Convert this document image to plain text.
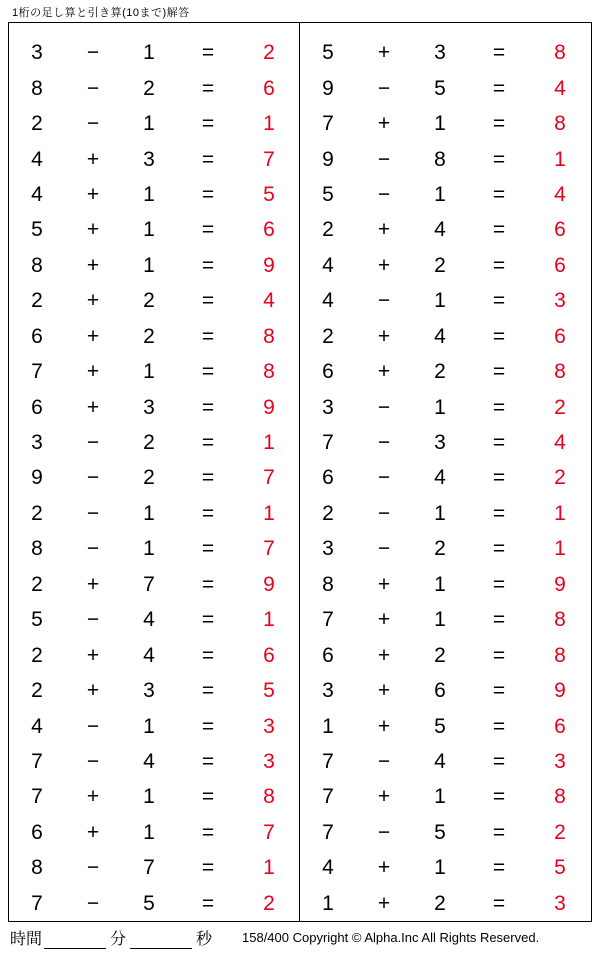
1桁の足し算と引き算(10まで)解答
3	−	1	=	2
8	−	2	=	6
2	−	1	=	1
4	+	3	=	7
4	+	1	=	5
5	+	1	=	6
8	+	1	=	9
2	+	2	=	4
6	+	2	=	8
7	+	1	=	8
6	+	3	=	9
3	−	2	=	1
9	−	2	=	7
2	−	1	=	1
8	−	1	=	7
2	+	7	=	9
5	−	4	=	1
2	+	4	=	6
2	+	3	=	5
4	−	1	=	3
7	−	4	=	3
7	+	1	=	8
6	+	1	=	7
8	−	7	=	1
7	−	5	=	2
5	+	3	=	8
9	−	5	=	4
7	+	1	=	8
9	−	8	=	1
5	−	1	=	4
2	+	4	=	6
4	+	2	=	6
4	−	1	=	3
2	+	4	=	6
6	+	2	=	8
3	−	1	=	2
7	−	3	=	4
6	−	4	=	2
2	−	1	=	1
3	−	2	=	1
8	+	1	=	9
7	+	1	=	8
6	+	2	=	8
3	+	6	=	9
1	+	5	=	6
7	−	4	=	3
7	+	1	=	8
7	−	5	=	2
4	+	1	=	5
1	+	2	=	3
時間	分	秒	158/400 Copyright © Alpha.Inc All Rights Reserved.
